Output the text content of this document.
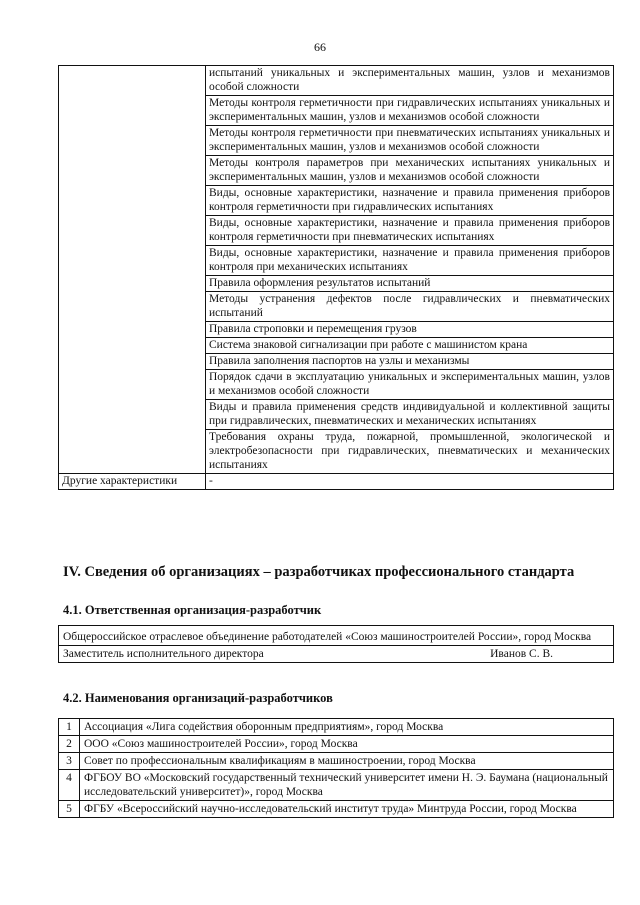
66
	испытаний уникальных и экспериментальных машин, узлов и механизмов особой сложности
	Методы контроля герметичности при гидравлических испытаниях уникальных и экспериментальных машин, узлов и механизмов особой сложности
	Методы контроля герметичности при пневматических испытаниях уникальных и экспериментальных машин, узлов и механизмов особой сложности
	Методы контроля параметров при механических испытаниях уникальных и экспериментальных машин, узлов и механизмов особой сложности
	Виды, основные характеристики, назначение и правила применения приборов контроля герметичности при гидравлических испытаниях
	Виды, основные характеристики, назначение и правила применения приборов контроля герметичности при пневматических испытаниях
	Виды, основные характеристики, назначение и правила применения приборов контроля при механических испытаниях
	Правила оформления результатов испытаний
	Методы устранения дефектов после гидравлических и пневматических испытаний
	Правила строповки и перемещения грузов
	Система знаковой сигнализации при работе с машинистом крана
	Правила заполнения паспортов на узлы и механизмы
	Порядок сдачи в эксплуатацию уникальных и экспериментальных машин, узлов и механизмов особой сложности
	Виды и правила применения средств индивидуальной и коллективной защиты при гидравлических, пневматических и механических испытаниях
	Требования охраны труда, пожарной, промышленной, экологической и электробезопасности при гидравлических, пневматических и механических испытаниях
Другие характеристики	-
IV. Сведения об организациях – разработчиках профессионального стандарта
4.1. Ответственная организация-разработчик
Общероссийское отраслевое объединение работодателей «Союз машиностроителей России», город Москва

Заместитель исполнительного директора	Иванов С. В.
4.2. Наименования организаций-разработчиков
1	Ассоциация «Лига содействия оборонным предприятиям», город Москва
2	ООО «Союз машиностроителей России», город Москва
3	Совет по профессиональным квалификациям в машиностроении, город Москва
4	ФГБОУ ВО «Московский государственный технический университет имени Н. Э. Баумана (национальный исследовательский университет)», город Москва
5	ФГБУ «Всероссийский научно-исследовательский институт труда» Минтруда России, город Москва
